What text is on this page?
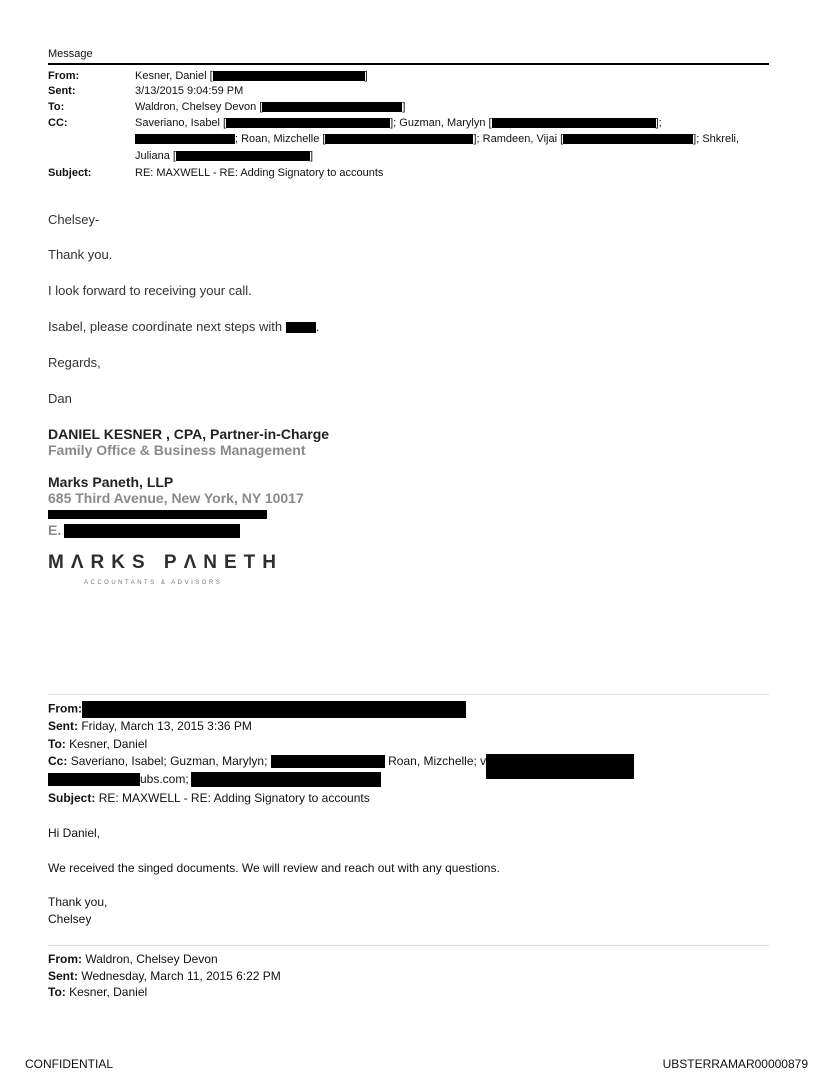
Message
From:	Kesner, Daniel [	]
Sent:	3/13/2015 9:04:59 PM
To:	Waldron, Chelsey Devon [	]
CC:	Saveriano, Isabel [	]; Guzman, Marylyn [	];
; Roan, Mizchelle [	]; Ramdeen, Vijai [	]; Shkreli,
Juliana [	]
Subject:	RE: MAXWELL - RE: Adding Signatory to accounts
Chelsey-
Thank you.
I look forward to receiving your call.
Isabel, please coordinate next steps with	.
Regards,
Dan
DANIEL KESNER , CPA, Partner-in-Charge
Family Office & Business Management
Marks Paneth, LLP
685 Third Avenue, New York, NY 10017
E.
MΛRKS PΛNETH
ACCOUNTANTS & ADVISORS
From:
Sent: Friday, March 13, 2015 3:36 PM
To: Kesner, Daniel
Cc: Saveriano, Isabel; Guzman, Marylyn;	Roan, Mizchelle; v
ubs.com;
Subject: RE: MAXWELL - RE: Adding Signatory to accounts
Hi Daniel,
We received the singed documents. We will review and reach out with any questions.
Thank you,
Chelsey
From: Waldron, Chelsey Devon
Sent: Wednesday, March 11, 2015 6:22 PM
To: Kesner, Daniel
CONFIDENTIAL	UBSTERRAMAR00000879
